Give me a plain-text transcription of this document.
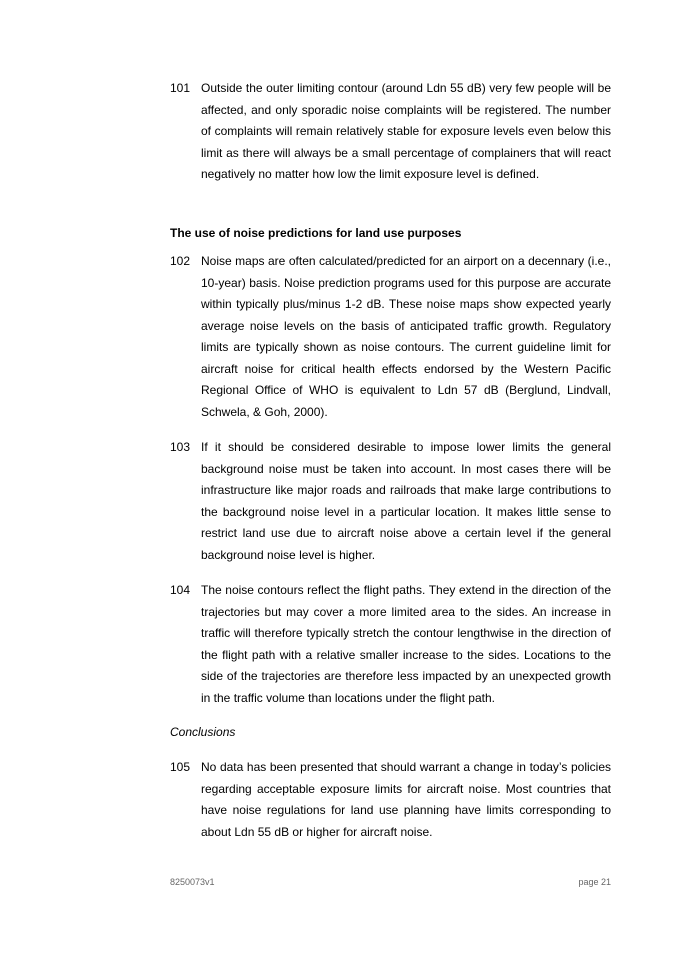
101 Outside the outer limiting contour (around Ldn 55 dB) very few people will be affected, and only sporadic noise complaints will be registered. The number of complaints will remain relatively stable for exposure levels even below this limit as there will always be a small percentage of complainers that will react negatively no matter how low the limit exposure level is defined.
The use of noise predictions for land use purposes
102 Noise maps are often calculated/predicted for an airport on a decennary (i.e., 10-year) basis. Noise prediction programs used for this purpose are accurate within typically plus/minus 1-2 dB. These noise maps show expected yearly average noise levels on the basis of anticipated traffic growth. Regulatory limits are typically shown as noise contours. The current guideline limit for aircraft noise for critical health effects endorsed by the Western Pacific Regional Office of WHO is equivalent to Ldn 57 dB (Berglund, Lindvall, Schwela, & Goh, 2000).
103 If it should be considered desirable to impose lower limits the general background noise must be taken into account. In most cases there will be infrastructure like major roads and railroads that make large contributions to the background noise level in a particular location. It makes little sense to restrict land use due to aircraft noise above a certain level if the general background noise level is higher.
104 The noise contours reflect the flight paths. They extend in the direction of the trajectories but may cover a more limited area to the sides. An increase in traffic will therefore typically stretch the contour lengthwise in the direction of the flight path with a relative smaller increase to the sides. Locations to the side of the trajectories are therefore less impacted by an unexpected growth in the traffic volume than locations under the flight path.
Conclusions
105 No data has been presented that should warrant a change in today’s policies regarding acceptable exposure limits for aircraft noise. Most countries that have noise regulations for land use planning have limits corresponding to about Ldn 55 dB or higher for aircraft noise.
8250073v1	page 21
